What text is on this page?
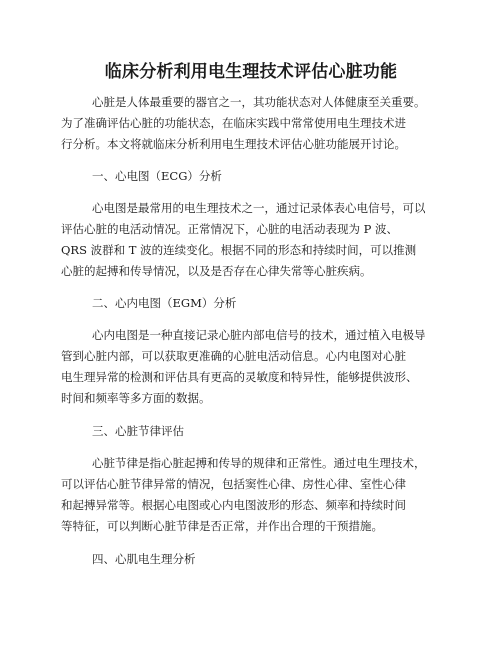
临床分析利用电生理技术评估心脏功能
心脏是人体最重要的器官之一，其功能状态对人体健康至关重要。
为了准确评估心脏的功能状态，在临床实践中常常使用电生理技术进
行分析。本文将就临床分析利用电生理技术评估心脏功能展开讨论。
一、心电图（ECG）分析
心电图是最常用的电生理技术之一，通过记录体表心电信号，可以
评估心脏的电活动情况。正常情况下，心脏的电活动表现为 P 波、
QRS 波群和 T 波的连续变化。根据不同的形态和持续时间，可以推测
心脏的起搏和传导情况，以及是否存在心律失常等心脏疾病。
二、心内电图（EGM）分析
心内电图是一种直接记录心脏内部电信号的技术，通过植入电极导
管到心脏内部，可以获取更准确的心脏电活动信息。心内电图对心脏
电生理异常的检测和评估具有更高的灵敏度和特异性，能够提供波形、
时间和频率等多方面的数据。
三、心脏节律评估
心脏节律是指心脏起搏和传导的规律和正常性。通过电生理技术，
可以评估心脏节律异常的情况，包括窦性心律、房性心律、室性心律
和起搏异常等。根据心电图或心内电图波形的形态、频率和持续时间
等特征，可以判断心脏节律是否正常，并作出合理的干预措施。
四、心肌电生理分析
